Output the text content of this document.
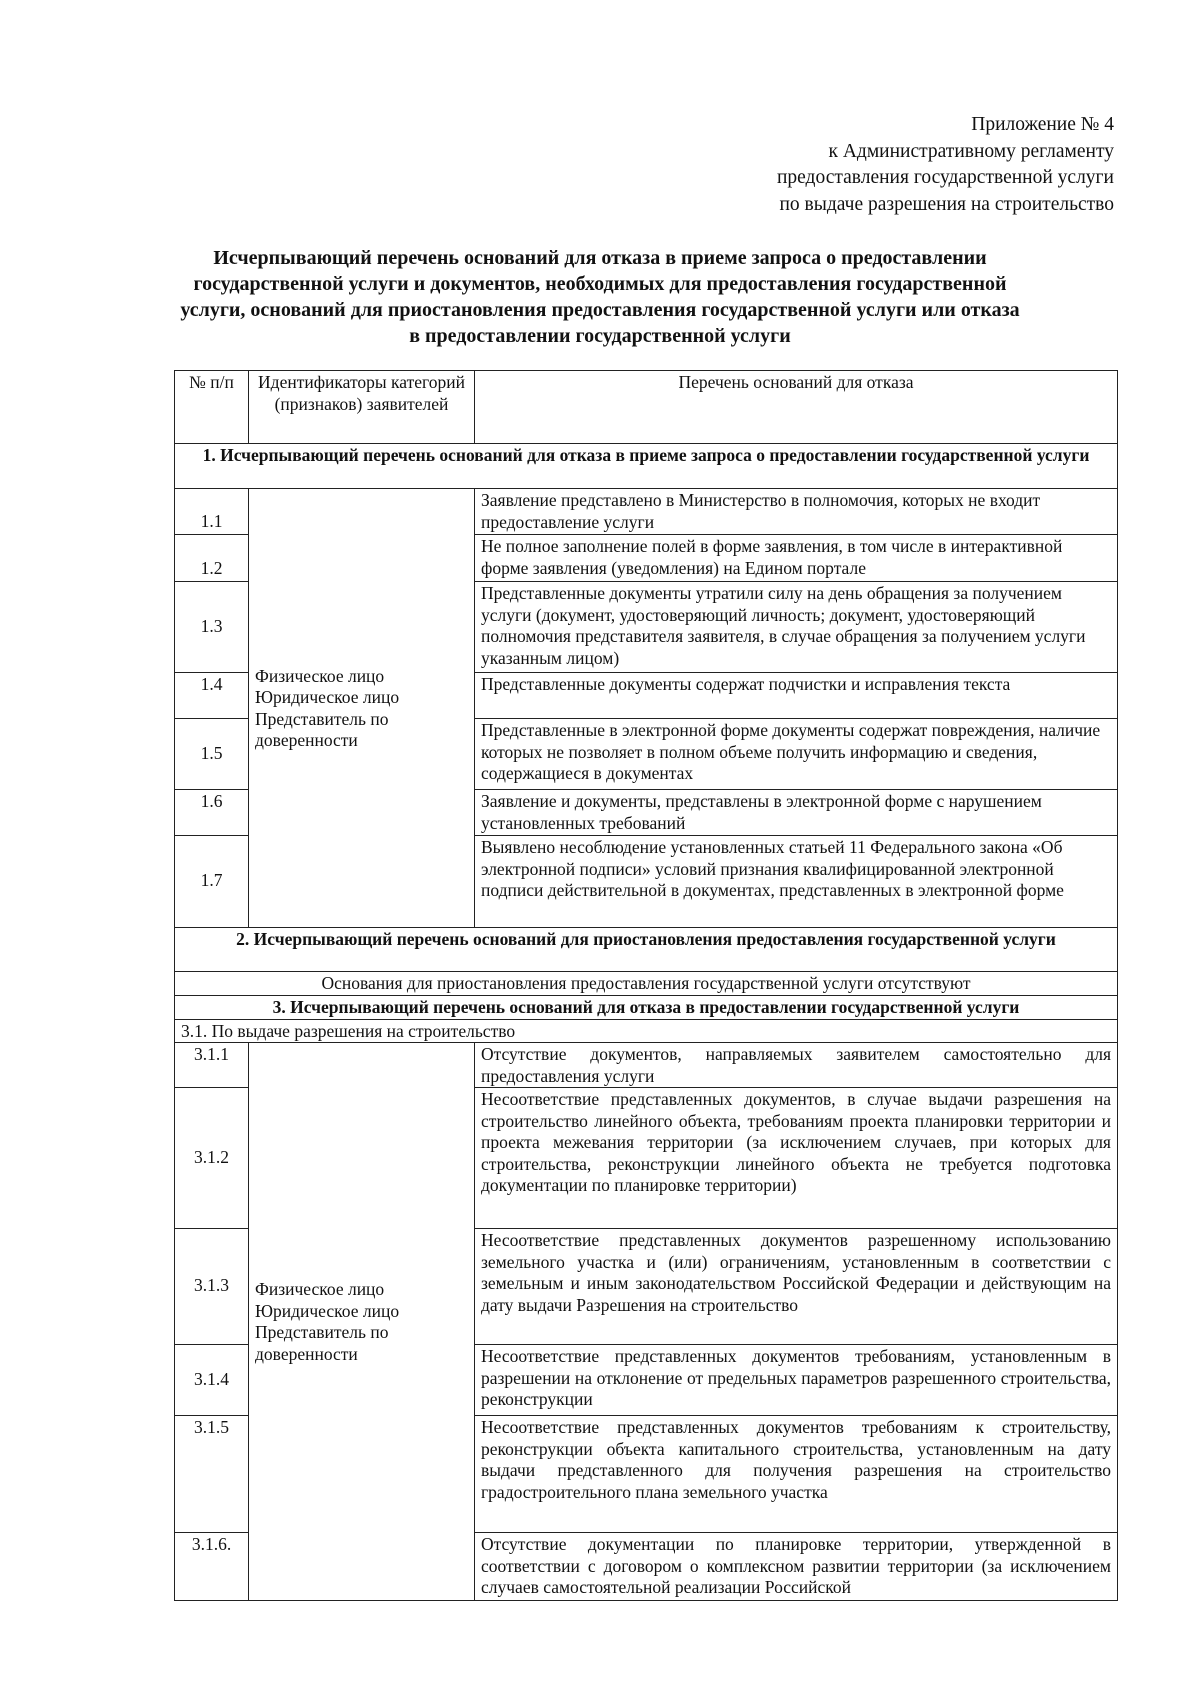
Приложение № 4
к Административному регламенту
предоставления государственной услуги
по выдаче разрешения на строительство
Исчерпывающий перечень оснований для отказа в приеме запроса о предоставлении
государственной услуги и документов, необходимых для предоставления государственной
услуги, оснований для приостановления предоставления государственной услуги или отказа
в предоставлении государственной услуги
№ п/п	Идентификаторы категорий (признаков) заявителей	Перечень оснований для отказа
1. Исчерпывающий перечень оснований для отказа в приеме запроса о предоставлении государственной услуги		
1.1	Физическое лицо
Юридическое лицо
Представитель по доверенности	Заявление представлено в Министерство в полномочия, которых не входит предоставление услуги
1.2		Не полное заполнение полей в форме заявления, в том числе в интерактивной форме заявления (уведомления) на Едином портале
1.3		Представленные документы утратили силу на день обращения за получением услуги (документ, удостоверяющий личность; документ, удостоверяющий полномочия представителя заявителя, в случае обращения за получением услуги указанным лицом)
1.4		Представленные документы содержат подчистки и исправления текста
1.5		Представленные в электронной форме документы содержат повреждения, наличие которых не позволяет в полном объеме получить информацию и сведения, содержащиеся в документах
1.6		Заявление и документы, представлены в электронной форме с нарушением установленных требований
1.7		Выявлено несоблюдение установленных статьей 11 Федерального закона «Об электронной подписи» условий признания квалифицированной электронной подписи действительной в документах, представленных в электронной форме
2. Исчерпывающий перечень оснований для приостановления предоставления государственной услуги		
Основания для приостановления предоставления государственной услуги отсутствуют		
3. Исчерпывающий перечень оснований для отказа в предоставлении государственной услуги		
3.1. По выдаче разрешения на строительство		
3.1.1	Физическое лицо
Юридическое лицо
Представитель по доверенности	Отсутствие документов, направляемых заявителем самостоятельно для предоставления услуги
3.1.2		Несоответствие представленных документов, в случае выдачи разрешения на строительство линейного объекта, требованиям проекта планировки территории и проекта межевания территории (за исключением случаев, при которых для строительства, реконструкции линейного объекта не требуется подготовка документации по планировке территории)
3.1.3		Несоответствие представленных документов разрешенному использованию земельного участка и (или) ограничениям, установленным в соответствии с земельным и иным законодательством Российской Федерации и действующим на дату выдачи Разрешения на строительство
3.1.4		Несоответствие представленных документов требованиям, установленным в разрешении на отклонение от предельных параметров разрешенного строительства, реконструкции
3.1.5		Несоответствие представленных документов требованиям к строительству, реконструкции объекта капитального строительства, установленным на дату выдачи представленного для получения разрешения на строительство градостроительного плана земельного участка
3.1.6.		Отсутствие документации по планировке территории, утвержденной в соответствии с договором о комплексном развитии территории (за исключением случаев самостоятельной реализации Российской
